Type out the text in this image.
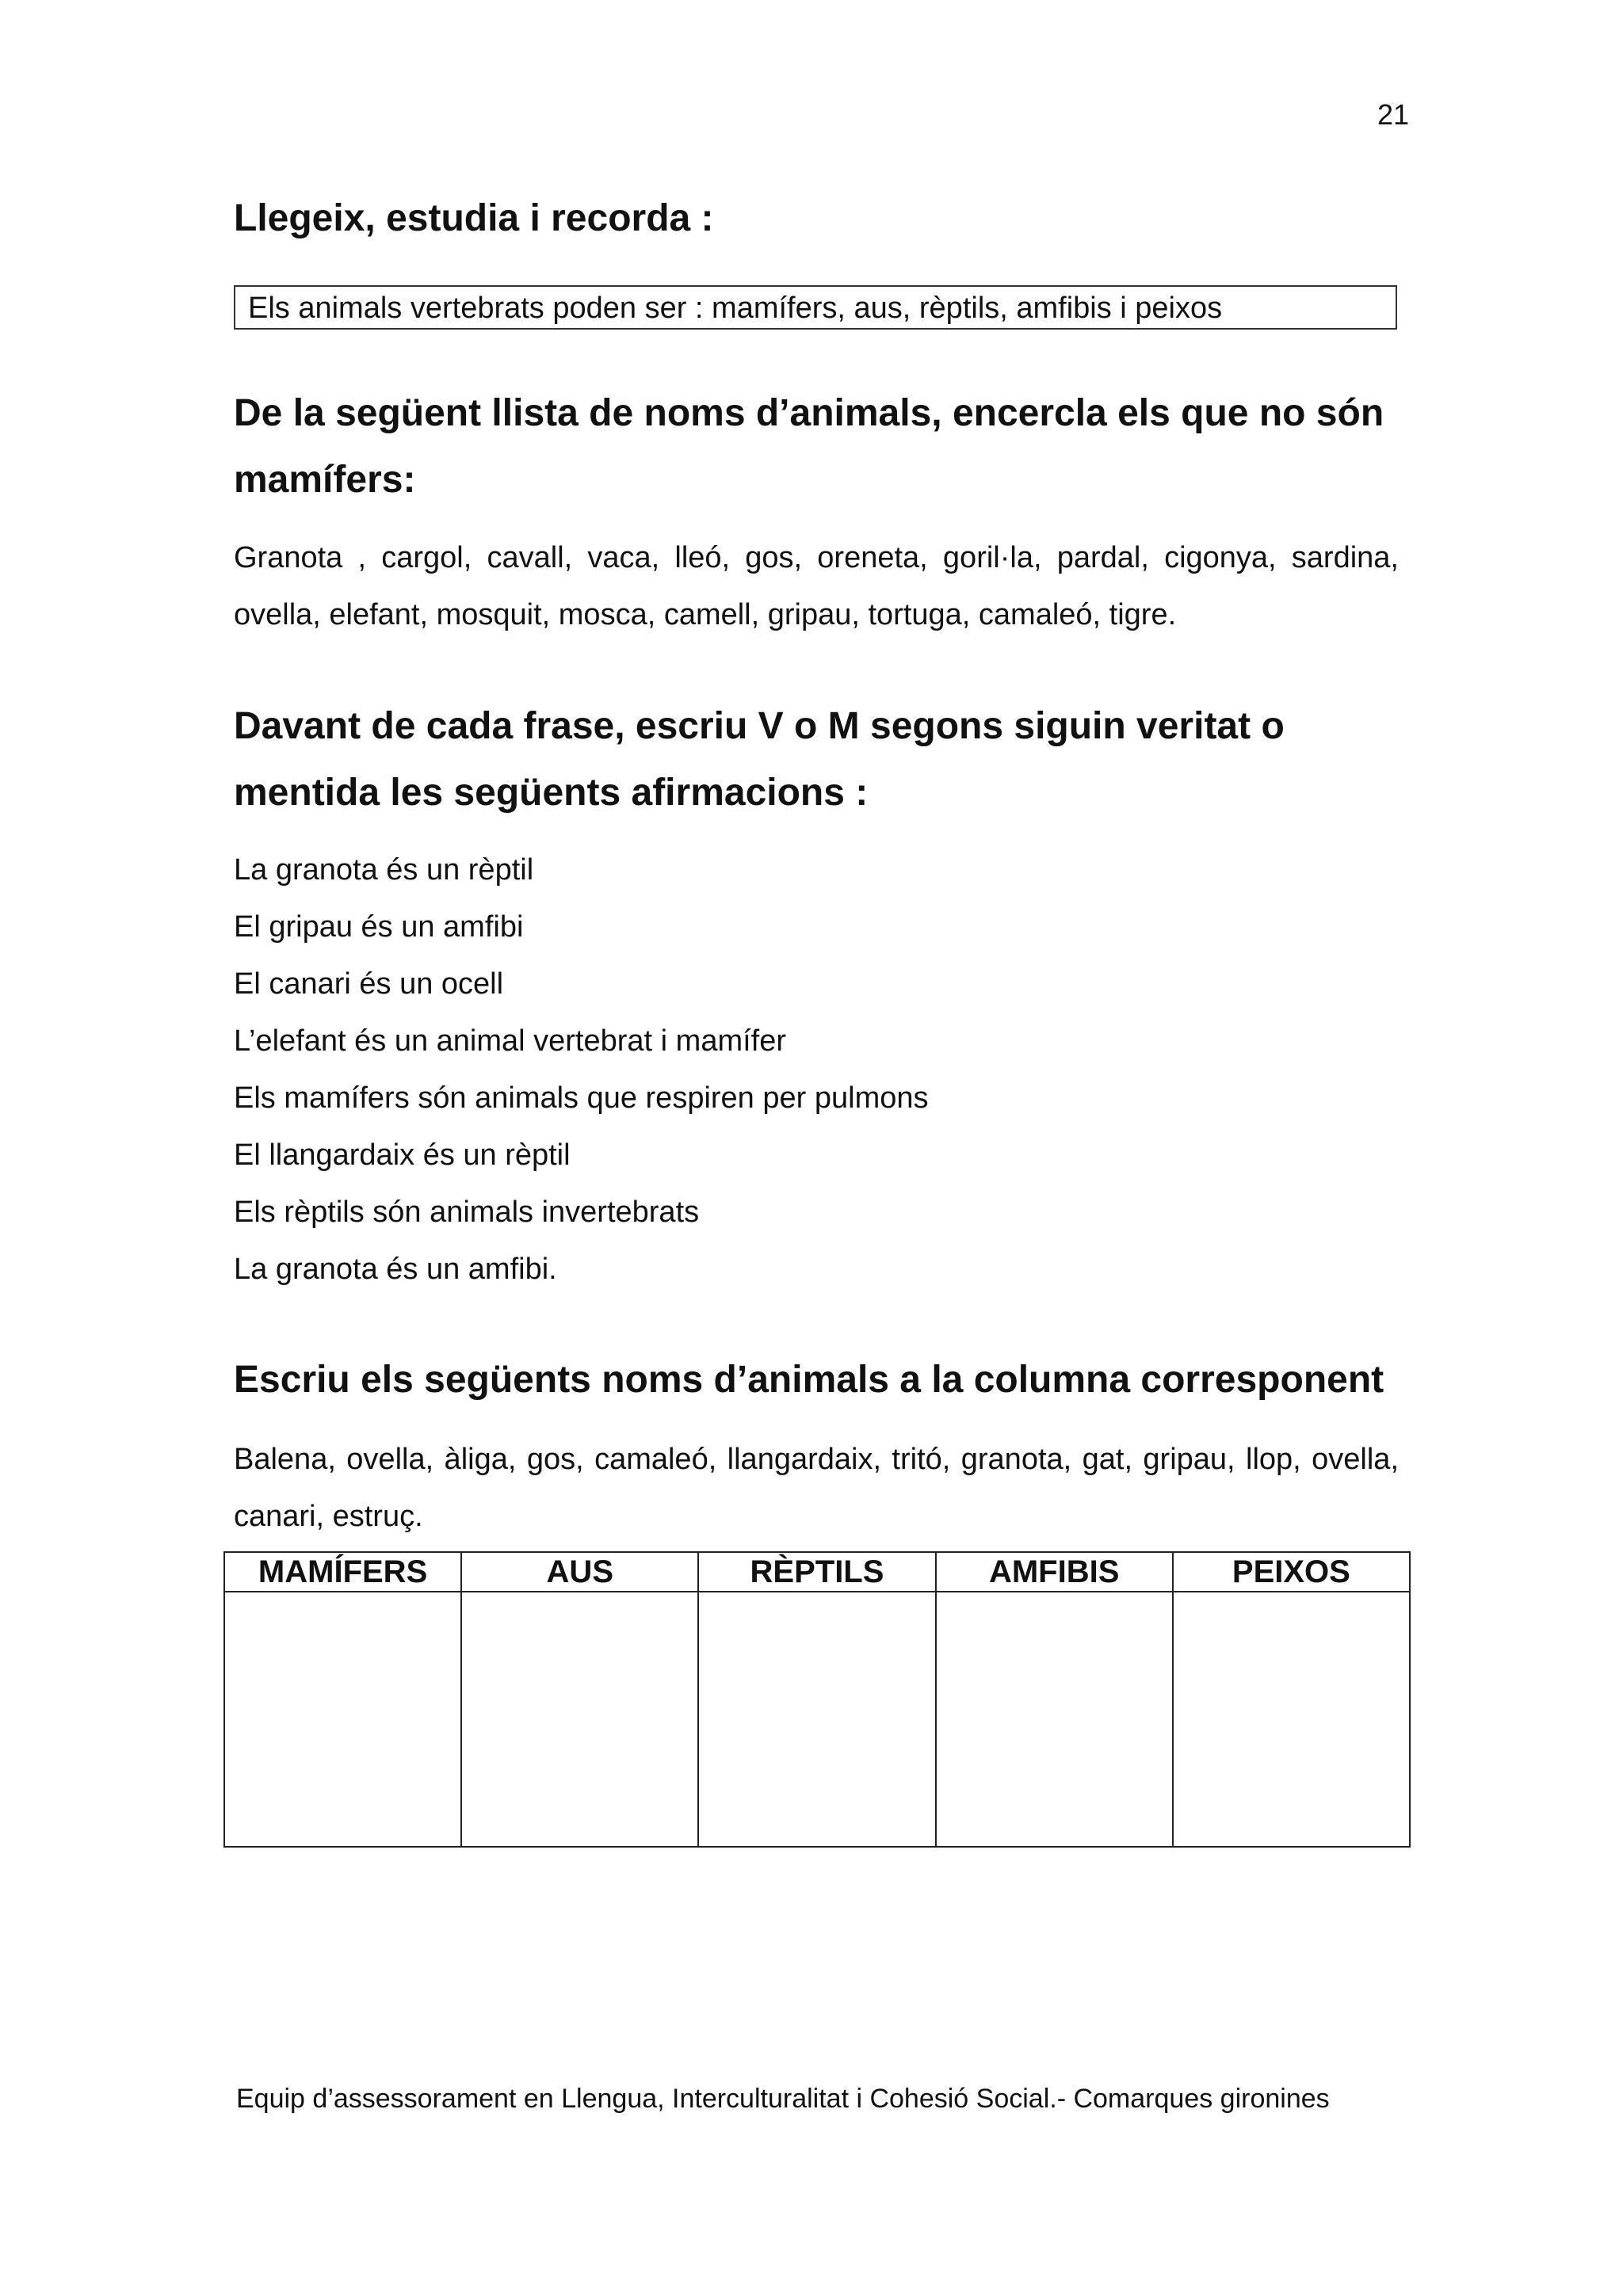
21
Llegeix, estudia i recorda :
Els animals vertebrats poden ser : mamífers, aus, rèptils, amfibis i peixos
De la següent llista de noms d’animals, encercla els que no són mamífers:

Granota , cargol, cavall, vaca, lleó, gos, oreneta, goril·la, pardal, cigonya, sardina, ovella, elefant, mosquit, mosca, camell, gripau, tortuga, camaleó, tigre.

Davant de cada frase, escriu V o M segons siguin veritat o mentida les següents afirmacions :
La granota és un rèptil
El gripau és un amfibi
El canari és un ocell
L’elefant és un animal vertebrat i mamífer
Els mamífers són animals que respiren per pulmons
El llangardaix és un rèptil
Els rèptils són animals invertebrats
La granota és un amfibi.
Escriu els següents noms d’animals a la columna corresponent

Balena, ovella, àliga, gos, camaleó, llangardaix, tritó, granota, gat, gripau, llop, ovella, canari, estruç.

MAMÍFERS	AUS	RÈPTILS	AMFIBIS	PEIXOS

Equip d’assessorament en Llengua, Interculturalitat i Cohesió Social.- Comarques gironines
